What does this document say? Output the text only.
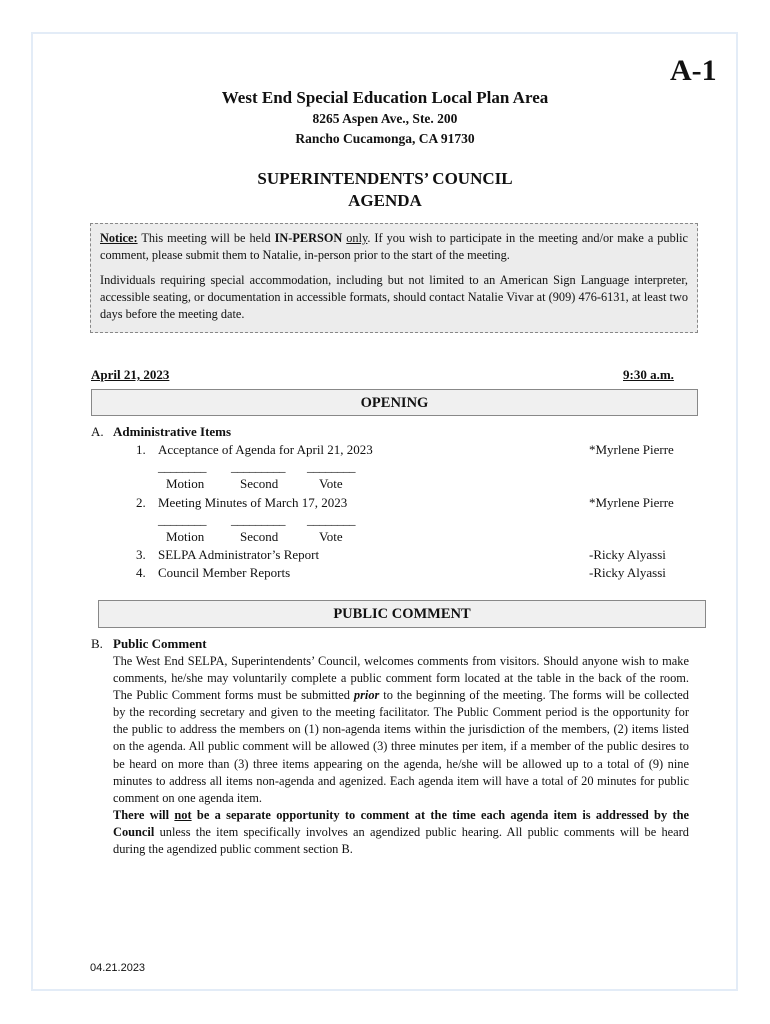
A-1
West End Special Education Local Plan Area
8265 Aspen Ave., Ste. 200
Rancho Cucamonga, CA 91730
SUPERINTENDENTS’ COUNCIL
AGENDA

Notice: This meeting will be held IN-PERSON only. If you wish to participate in the meeting and/or make a public comment, please submit them to Natalie, in-person prior to the start of the meeting.

Individuals requiring special accommodation, including but not limited to an American Sign Language interpreter, accessible seating, or documentation in accessible formats, should contact Natalie Vivar at (909) 476-6131, at least two days before the meeting date.

April 21, 2023	9:30 a.m.
OPENING
A. Administrative Items
1. Acceptance of Agenda for April 21, 2023	*Myrlene Pierre
________ _________ ________
Motion	Second	Vote
2. Meeting Minutes of March 17, 2023	*Myrlene Pierre
________ _________ ________
Motion	Second	Vote
3. SELPA Administrator’s Report	-Ricky Alyassi
4. Council Member Reports	-Ricky Alyassi
PUBLIC COMMENT
B. Public Comment

The West End SELPA, Superintendents’ Council, welcomes comments from visitors. Should anyone wish to make comments, he/she may voluntarily complete a public comment form located at the table in the back of the room. The Public Comment forms must be submitted prior to the beginning of the meeting. The forms will be collected by the recording secretary and given to the meeting facilitator. The Public Comment period is the opportunity for the public to address the members on (1) non-agenda items within the jurisdiction of the members, (2) items listed on the agenda. All public comment will be allowed (3) three minutes per item, if a member of the public desires to be heard on more than (3) three items appearing on the agenda, he/she will be allowed up to a total of (9) nine minutes to address all items non-agenda and agenized. Each agenda item will have a total of 20 minutes for public comment on one agenda item.

There will not be a separate opportunity to comment at the time each agenda item is addressed by the Council unless the item specifically involves an agendized public hearing. All public comments will be heard during the agendized public comment section B.

04.21.2023
